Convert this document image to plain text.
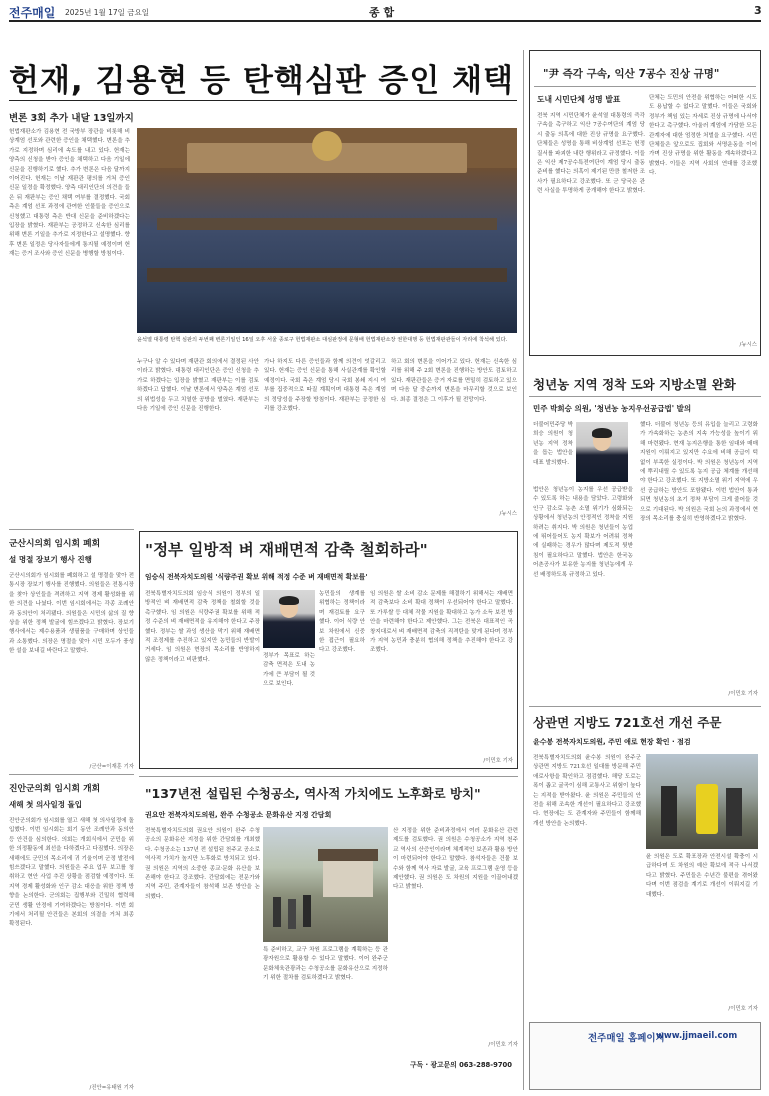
전주매일 2025년 1월 17일 금요일	종 합	3
헌재, 김용현 등 탄핵심판 증인 채택
변론 3회 추가 내달 13일까지
헌법재판소가 김용현 전 국방부 장관을 비롯해 비상계엄 선포와 관련한 증인을 채택했다. 변론을 추가로 지정하며 심리에 속도를 내고 있다. 헌재는 양측의 신청을 받아 증인을 채택하고 다음 기일에 신문을 진행하기로 했다. 추가 변론은 다음 달까지 이어진다. 헌재는 이날 재판관 평의를 거쳐 증인 신문 일정을 확정했다. 양측 대리인단의 의견을 들은 뒤 재판부는 증인 채택 여부를 결정했다. 국회 측은 계엄 선포 과정에 관여한 인물들을 증인으로 신청했고 대통령 측은 반대 신문을 준비하겠다는 입장을 밝혔다. 재판부는 공정하고 신속한 심리를 위해 변론 기일을 추가로 지정한다고 설명했다. 향후 변론 일정은 당사자들에게 통지될 예정이며 헌재는 증거 조사와 증인 신문을 병행할 방침이다.
윤석열 대통령 탄핵 심판의 두번째 변론기일인 16일 오후 서울 종로구 헌법재판소 대심판정에 문형배 헌법재판소장 권한대행 등 헌법재판관들이 자리에 착석해 있다.
누구나 알 수 있다며 재판관 회의에서 결정된 사안이라고 밝혔다. 대통령 대리인단은 증인 신청을 추가로 하겠다는 입장을 밝혔고 재판부는 이를 검토하겠다고 답했다. 이날 변론에서 양측은 계엄 선포의 위법성을 두고 치열한 공방을 벌였다. 재판부는 다음 기일에 증인 신문을 진행한다.
가나 하지도 다른 증인들과 함께 의견이 엇갈리고 있다. 헌재는 증인 신문을 통해 사실관계를 확인할 예정이다. 국회 측은 계엄 당시 국회 봉쇄 지시 여부를 집중적으로 따질 계획이며 대통령 측은 계엄의 정당성을 주장할 방침이다. 재판부는 공정한 심리를 강조했다.
하고 회의 변론을 이어가고 있다. 헌재는 신속한 심리를 위해 주 2회 변론을 진행하는 방안도 검토하고 있다. 재판관들은 증거 자료를 면밀히 검토하고 있으며 다음 달 중순까지 변론을 마무리할 것으로 보인다. 최종 결정은 그 이후가 될 전망이다.
/뉴시스
"尹 즉각 구속, 익산 7공수 진상 규명"
도내 시민단체 성명 발표
전북 지역 시민단체가 윤석열 대통령의 즉각 구속을 촉구하고 익산 7공수여단의 계엄 당시 출동 의혹에 대한 진상 규명을 요구했다. 단체들은 성명을 통해 비상계엄 선포는 헌정 질서를 파괴한 내란 행위라고 규정했다. 이들은 익산 제7공수특전여단이 계엄 당시 출동 준비를 했다는 의혹이 제기된 만큼 철저한 조사가 필요하다고 강조했다. 또 군 당국은 관련 사실을 투명하게 공개해야 한다고 밝혔다.
단체는 도민의 안전을 위협하는 어떠한 시도도 용납할 수 없다고 말했다. 이들은 국회와 정부가 책임 있는 자세로 진상 규명에 나서야 한다고 촉구했다. 아울러 계엄에 가담한 모든 관계자에 대한 엄정한 처벌을 요구했다. 시민단체들은 앞으로도 집회와 서명운동을 이어가며 진상 규명을 위한 활동을 계속하겠다고 밝혔다. 이들은 지역 사회의 연대를 강조했다.
/뉴시스
청년농 지역 정착 도와 지방소멸 완화
민주 박희승 의원, '청년농 농지우선공급법' 발의
더불어민주당 박희승 의원이 청년농 지역 정착을 돕는 법안을 대표 발의했다.
법안은 청년농이 농지를 우선 공급받을 수 있도록 하는 내용을 담았다. 고령화와 인구 감소로 농촌 소멸 위기가 심화되는 상황에서 청년농의 안정적인 정착을 지원하려는 취지다. 박 의원은 청년들이 농업에 뛰어들어도 농지 확보가 어려워 정착에 실패하는 경우가 많다며 제도적 뒷받침이 필요하다고 말했다. 법안은 한국농어촌공사가 보유한 농지를 청년농에게 우선 배정하도록 규정하고 있다.
했다. 더불어 청년농 등의 유입을 늘리고 고령화가 가속화하는 농촌의 지속 가능성을 높이기 위해 마련됐다. 현재 농지은행을 통한 임대와 매매 지원이 이뤄지고 있지만 수요에 비해 공급이 턱없이 부족한 실정이다. 박 의원은 청년농이 지역에 뿌리내릴 수 있도록 농지 공급 체계를 개선해야 한다고 강조했다. 또 지방소멸 위기 지역에 우선 공급하는 방안도 포함됐다. 이번 법안이 통과되면 청년농의 초기 정착 부담이 크게 줄어들 것으로 기대된다. 박 의원은 국회 논의 과정에서 현장의 목소리를 충실히 반영하겠다고 밝혔다.
/이민호 기자
군산시의회 임시회 폐회
설 명절 장보기 행사 진행
군산시의회가 임시회를 폐회하고 설 명절을 맞아 전통시장 장보기 행사를 진행했다. 의원들은 전통시장을 찾아 상인들을 격려하고 지역 경제 활성화를 위한 의견을 나눴다. 이번 임시회에서는 각종 조례안과 동의안이 처리됐다. 의원들은 시민의 삶의 질 향상을 위한 정책 발굴에 힘쓰겠다고 밝혔다. 장보기 행사에서는 제수용품과 생필품을 구매하며 상인들과 소통했다. 의장은 명절을 맞아 시민 모두가 풍성한 설을 보내길 바란다고 말했다.
/군산=이재훈 기자
"정부 일방적 벼 재배면적 감축 철회하라"
임승식 전북자치도의원 '식량주권 확보 위해 적정 수준 벼 재배면적 확보를'
전북특별자치도의회 임승식 의원이 정부의 일방적인 벼 재배면적 감축 정책을 철회할 것을 촉구했다. 임 의원은 식량주권 확보를 위해 적정 수준의 벼 재배면적을 유지해야 한다고 주장했다. 정부는 쌀 과잉 생산을 막기 위해 재배면적 조정제를 추진하고 있지만 농민들의 반발이 거세다. 임 의원은 현장의 목소리를 반영하지 않은 정책이라고 비판했다.
정부가 목표로 하는 감축 면적은 도내 농가에 큰 부담이 될 것으로 보인다.
농민들의 생계를 위협하는 정책이라며 재검토를 요구했다. 이어 식량 안보 차원에서 신중한 접근이 필요하다고 강조했다.
임 의원은 쌀 소비 감소 문제를 해결하기 위해서는 재배면적 감축보다 소비 확대 정책이 우선되어야 한다고 말했다. 또 가루쌀 등 대체 작물 지원을 확대하고 농가 소득 보전 방안을 마련해야 한다고 제안했다. 그는 전북은 대표적인 곡창지대로서 벼 재배면적 감축의 직격탄을 맞게 된다며 정부가 지역 농민과 충분히 협의해 정책을 추진해야 한다고 강조했다.
/이민호 기자
진안군의회 임시회 개회
새해 첫 의사일정 돌입
진안군의회가 임시회를 열고 새해 첫 의사일정에 돌입했다. 이번 임시회는 회기 동안 조례안과 동의안 등 안건을 심의한다. 의회는 개회식에서 군민을 위한 의정활동에 최선을 다하겠다고 다짐했다. 의장은 새해에도 군민의 목소리에 귀 기울이며 군정 발전에 힘쓰겠다고 말했다. 의원들은 주요 업무 보고를 청취하고 현안 사업 추진 상황을 점검할 예정이다. 또 지역 경제 활성화와 인구 감소 대응을 위한 정책 방향을 논의한다. 군의회는 집행부와 긴밀히 협력해 군민 생활 안정에 기여하겠다는 방침이다. 이번 회기에서 처리될 안건들은 본회의 의결을 거쳐 최종 확정된다.
/진안=유태원 기자
"137년전 설립된 수청공소, 역사적 가치에도 노후화로 방치"
권요안 전북자치도의원, 완주 수청공소 문화유산 지정 간담회
전북특별자치도의회 권요안 의원이 완주 수청공소의 문화유산 지정을 위한 간담회를 개최했다. 수청공소는 137년 전 설립된 천주교 공소로 역사적 가치가 높지만 노후화로 방치되고 있다. 권 의원은 지역의 소중한 종교·문화 유산을 보존해야 한다고 강조했다. 간담회에는 전문가와 지역 주민, 관계자들이 참석해 보존 방안을 논의했다.
특 준비하고, 교구 차원 프로그램을 계획하는 등 관광자원으로 활용할 수 있다고 말했다. 이어 완주군 문화체육관광과는 수청공소를 문화유산으로 지정하기 위한 절차를 검토하겠다고 밝혔다.
산 지정을 위한 준비과정에서 여러 문화유산 관련 제도를 검토했다. 권 의원은 수청공소가 지역 천주교 역사의 산증인이라며 체계적인 보존과 활용 방안이 마련되어야 한다고 말했다. 참석자들은 건물 보수와 함께 역사 자료 발굴, 교육 프로그램 운영 등을 제안했다. 권 의원은 도 차원의 지원을 이끌어내겠다고 밝혔다.
/이민호 기자
구독 · 광고문의 063-288-9700
상관면 지방도 721호선 개선 주문
윤수봉 전북자치도의원, 주민 애로 현장 확인 · 점검
전북특별자치도의회 윤수봉 의원이 완주군 상관면 지방도 721호선 일대를 방문해 주민 애로사항을 확인하고 점검했다. 해당 도로는 폭이 좁고 굴곡이 심해 교통사고 위험이 높다는 지적을 받아왔다. 윤 의원은 주민들의 안전을 위해 조속한 개선이 필요하다고 강조했다. 현장에는 도 관계자와 주민들이 함께해 개선 방안을 논의했다.
윤 의원은 도로 확포장과 안전시설 확충이 시급하다며 도 차원의 예산 확보에 적극 나서겠다고 밝혔다. 주민들은 수년간 불편을 겪어왔다며 이번 점검을 계기로 개선이 이뤄지길 기대했다.
/이민호 기자
전주매일 홈페이지
www.jjmaeil.com
